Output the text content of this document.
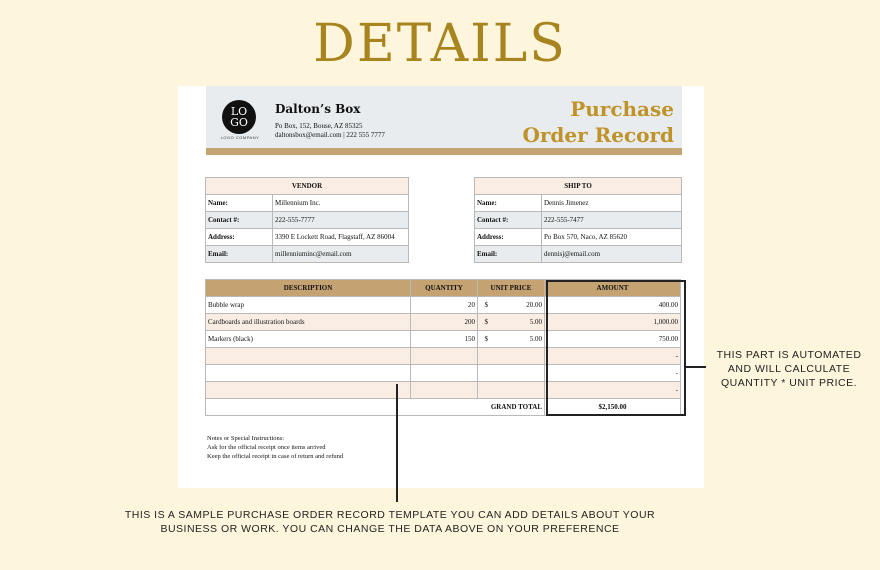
DETAILS
LOGO
LOGO COMPANY
Dalton’s Box
Po Box, 152, Bouse, AZ 85325
daltonsbox@email.com | 222 555 7777
Purchase
Order Record
VENDOR	
Name:	Millennium Inc.
Contact #:	222-555-7777
Address:	3390 E Lockett Road, Flagstaff, AZ 86004
Email:	millenniuminc@email.com
SHIP TO	
Name:	Dennis Jimenez
Contact #:	222-555-7477
Address:	Po Box 570, Naco, AZ 85620
Email:	dennisj@email.com
DESCRIPTION	QUANTITY	UNIT PRICE	AMOUNT
Bubble wrap	20	$ 20.00	400.00
Cardboards and illustration boards	200	$ 5.00	1,000.00
Markers (black)	150	$ 5.00	750.00
			-
			-
			-
GRAND TOTAL			$2,150.00
Notes or Special Instructions:
Ask for the official receipt once items arrived
Keep the official receipt in case of return and refund
THIS PART IS AUTOMATED AND WILL CALCULATE QUANTITY * UNIT PRICE.
THIS IS A SAMPLE PURCHASE ORDER RECORD TEMPLATE YOU CAN ADD DETAILS ABOUT YOUR BUSINESS OR WORK. YOU CAN CHANGE THE DATA ABOVE ON YOUR PREFERENCE
